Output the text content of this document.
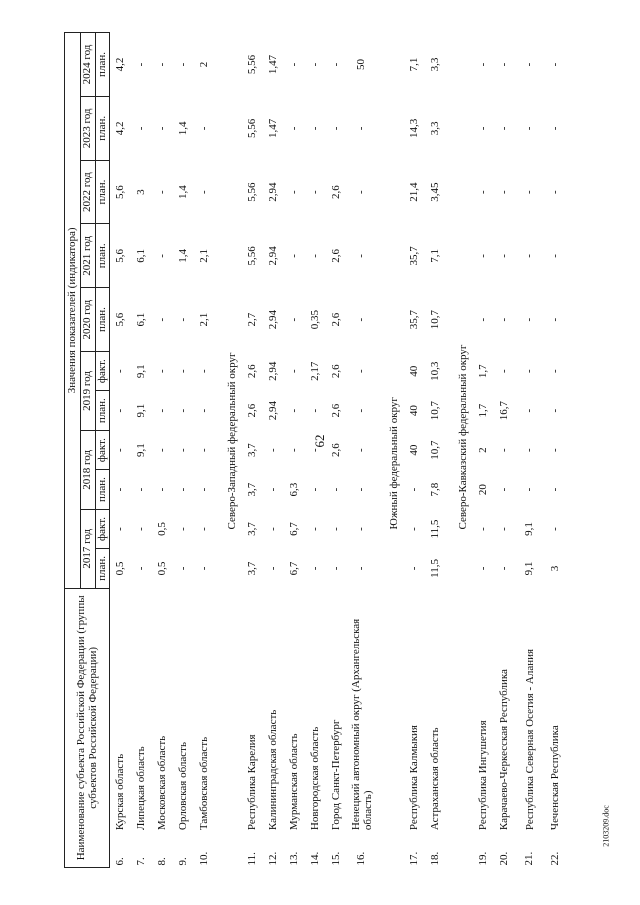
62
2103209.doc
Наименование субъекта Российской Федерации (группы субъектов Российской Федерации)		Значения показателей (индикатора)										
		2017 год		2018 год		2019 год		2020 год	2021 год	2022 год	2023 год	2024 год
		план.	факт.	план.	факт.	план.	факт.	план.	план.	план.	план.	план.
6.	Курская область	0,5	-	-	-	-	-	5,6	5,6	5,6	4,2	4,2
7.	Липецкая область	-	-	-	9,1	9,1	9,1	6,1	6,1	3	-	-
8.	Московская область	0,5	0,5	-	-	-	-	-	-	-	-	-
9.	Орловская область	-	-	-	-	-	-	-	1,4	1,4	1,4	-
10.	Тамбовская область	-	-	-	-	-	-	2,1	2,1	-	-	2

Северо-Западный федеральный округ												
11.	Республика Карелия	3,7	3,7	3,7	3,7	2,6	2,6	2,7	5,56	5,56	5,56	5,56
12.	Калининградская область	-	-	-	-	2,94	2,94	2,94	2,94	2,94	1,47	1,47
13.	Мурманская область	6,7	6,7	6,3	-	-	-	-	-	-	-	-
14.	Новгородская область	-	-	-	-	-	2,17	0,35	-	-	-	-
15.	Город Санкт-Петербург	-	-	-	2,6	2,6	2,6	2,6	2,6	2,6	-	-
16.	Ненецкий автономный округ (Архангельская область)	-	-	-	-	-	-	-	-	-	-	50

Южный федеральный округ												
17.	Республика Калмыкия	-	-	-	40	40	40	35,7	35,7	21,4	14,3	7,1
18.	Астраханская область	11,5	11,5	7,8	10,7	10,7	10,3	10,7	7,1	3,45	3,3	3,3

Северо-Кавказский федеральный округ												
19.	Республика Ингушетия	-	-	20	2	1,7	1,7	-	-	-	-	-
20.	Карачаево-Черкесская Республика	-	-	-	-	16,7	-	-	-	-	-	-
21.	Республика Северная Осетия - Алания	9,1	9,1	-	-	-	-	-	-	-	-	-
22.	Чеченская Республика	3	-	-	-	-	-	-	-	-	-	-
